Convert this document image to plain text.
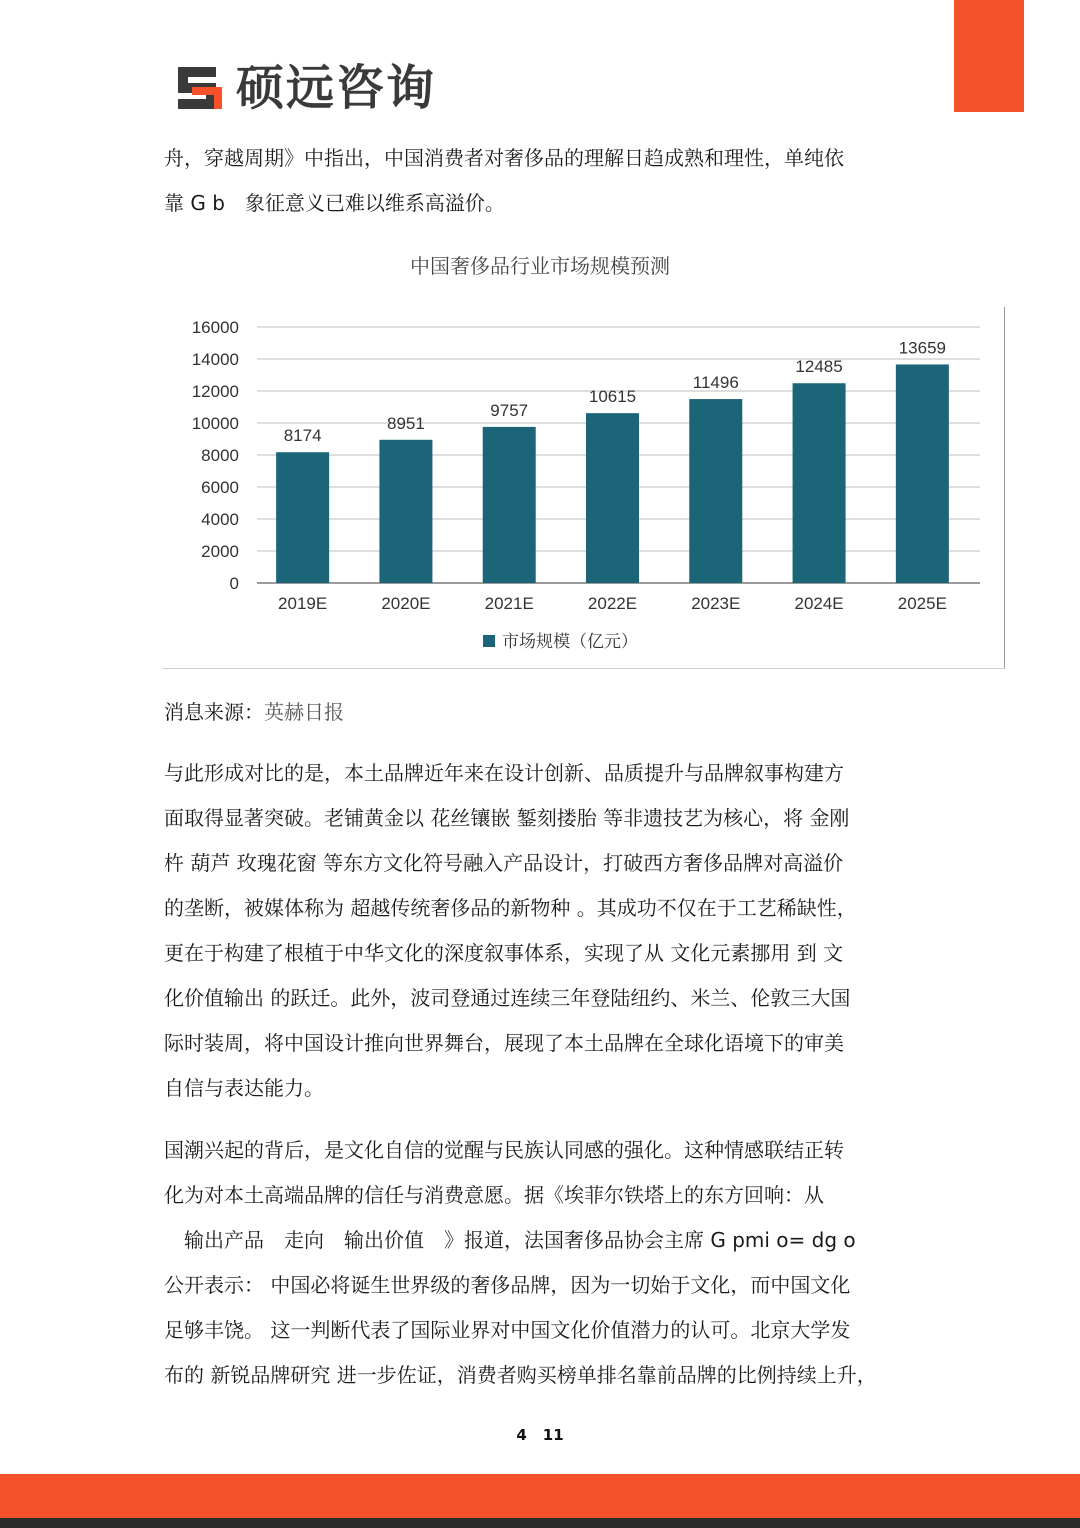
硕远咨询

舟，穿越周期》中指出，中国消费者对奢侈品的理解日趋成熟和理性，单纯依
靠 G b　象征意义已难以维系高溢价。

中国奢侈品行业市场规模预测
0
2000
4000
6000
8000
10000
12000
14000
16000
8174
2019E
8951
2020E
9757
2021E
10615
2022E
11496
2023E
12485
2024E
13659
2025E
市场规模（亿元）
消息来源：英赫日报

与此形成对比的是，本土品牌近年来在设计创新、品质提升与品牌叙事构建方
面取得显著突破。老铺黄金以 花丝镶嵌 錾刻搂胎 等非遗技艺为核心，将 金刚
杵 葫芦 玫瑰花窗 等东方文化符号融入产品设计，打破西方奢侈品牌对高溢价
的垄断，被媒体称为 超越传统奢侈品的新物种 。其成功不仅在于工艺稀缺性，
更在于构建了根植于中华文化的深度叙事体系，实现了从 文化元素挪用 到 文
化价值输出 的跃迁。此外，波司登通过连续三年登陆纽约、米兰、伦敦三大国
际时装周，将中国设计推向世界舞台，展现了本土品牌在全球化语境下的审美
自信与表达能力。

国潮兴起的背后，是文化自信的觉醒与民族认同感的强化。这种情感联结正转
化为对本土高端品牌的信任与消费意愿。据《埃菲尔铁塔上的东方回响：从
　输出产品　走向　输出价值　》报道，法国奢侈品协会主席 G pmi o= dg o
公开表示： 中国必将诞生世界级的奢侈品牌，因为一切始于文化，而中国文化
足够丰饶。 这一判断代表了国际业界对中国文化价值潜力的认可。北京大学发
布的 新锐品牌研究 进一步佐证，消费者购买榜单排名靠前品牌的比例持续上升，

4 11
